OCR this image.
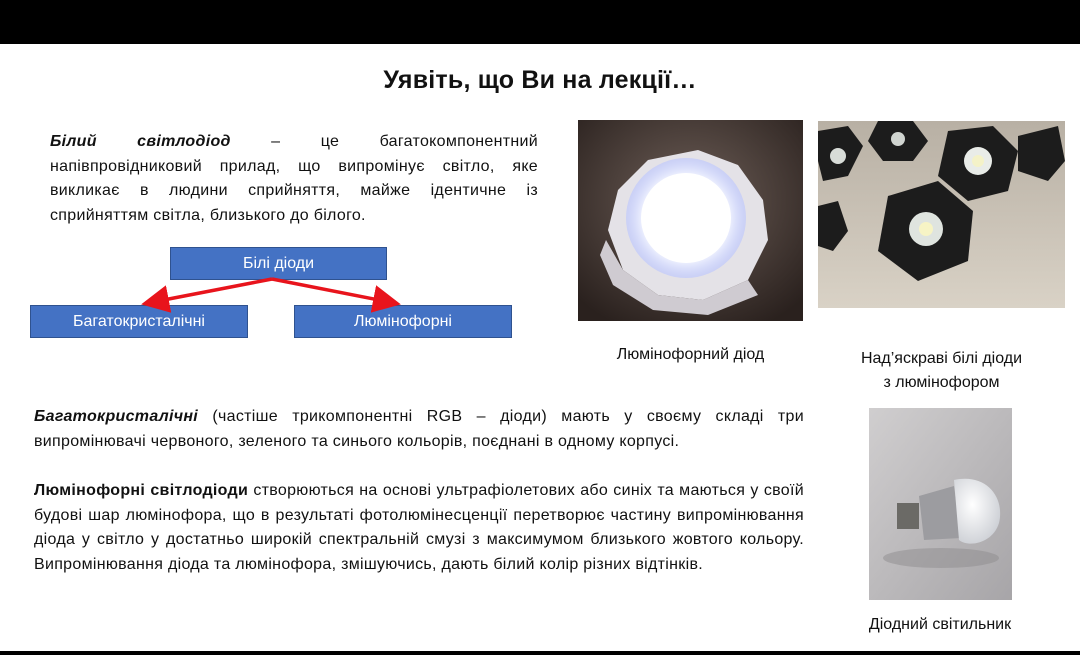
Уявіть, що Ви на лекції…
Білий світлодіод – це багатокомпонентний напівпровідниковий прилад, що випромінує світло, яке викликає в людини сприйняття, майже ідентичне із сприйняттям світла, близького до білого.
Білі діоди
Багатокристалічні	Люмінофорні
Багатокристалічні (частіше трикомпонентні RGB – діоди) мають у своєму складі три випромінювачі червоного, зеленого та синього кольорів, поєднані в одному корпусі.
Люмінофорні світлодіоди створюються на основі ультрафіолетових або синіх та маються у своїй будові шар люмінофора, що в результаті фотолюмінесценції перетворює частину випромінювання діода у світло у достатньо широкій спектральній смузі з максимумом близького жовтого кольору. Випромінювання діода та люмінофора, змішуючись, дають білий колір різних відтінків.
Люмінофорний діод	Над’яскраві білі діоди
з люмінофором
Діодний світильник
